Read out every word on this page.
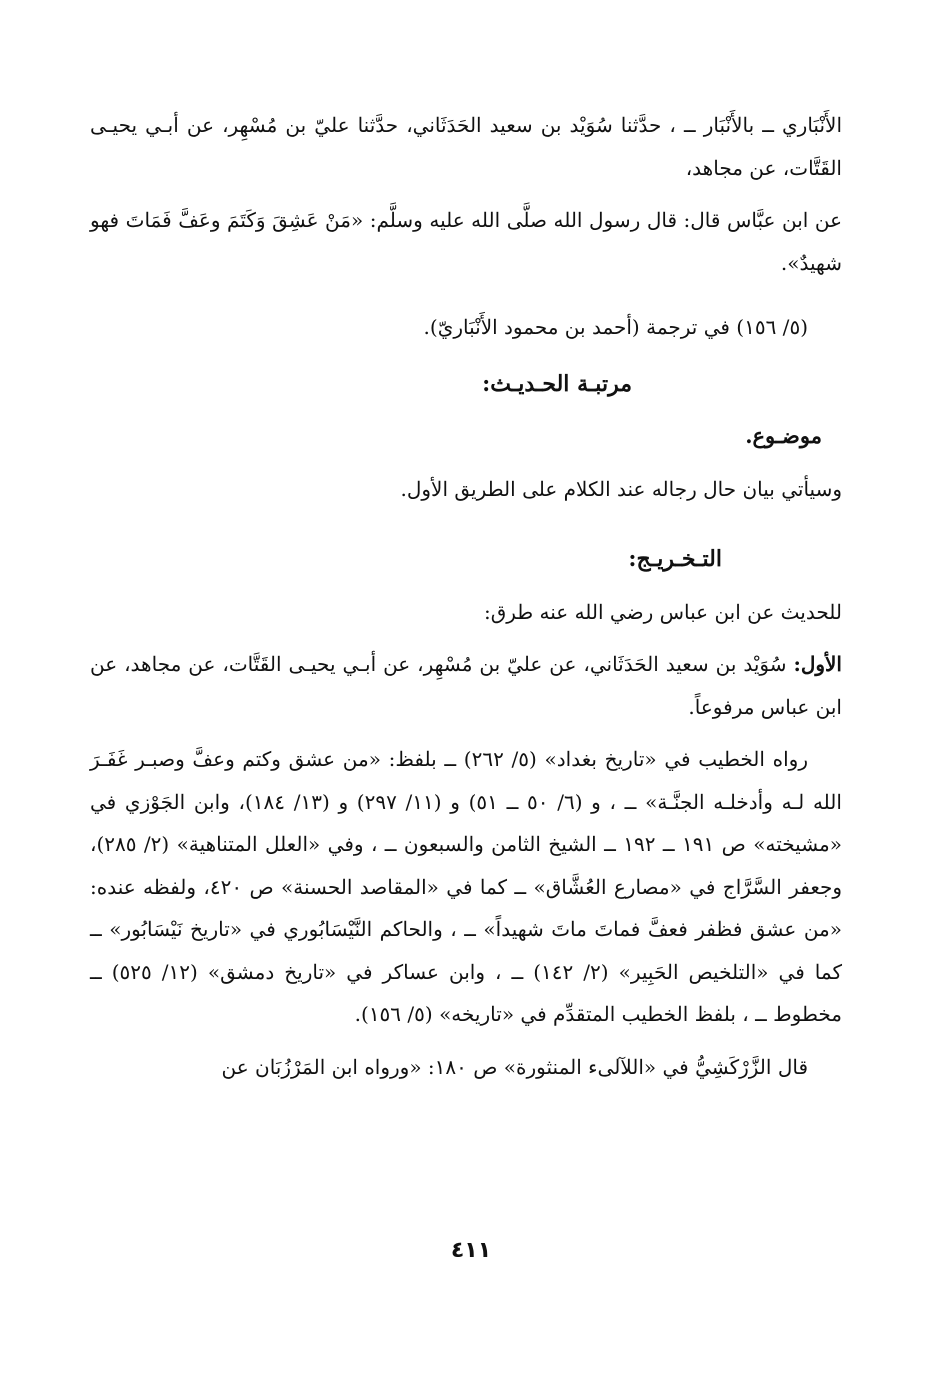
الأَنْبَاري ــ بالأَنْبَار ــ ، حدَّثنا سُوَيْد بن سعيد الحَدَثَاني، حدَّثنا عليّ بن مُسْهِر، عن أبـي يحيـى القَتَّات، عن مجاهد،

عن ابن عبَّاس قال: قال رسول الله صلَّى الله عليه وسلَّم: «مَنْ عَشِقَ وَكَتَمَ وعَفَّ فَمَاتَ فهو شهيدٌ».

(٥/ ١٥٦) في ترجمة (أحمد بن محمود الأَنْبَاريّ).

مرتبـة الحـديـث:

موضـوع.

وسيأتي بيان حال رجاله عند الكلام على الطريق الأول.

التـخـريـج:

للحديث عن ابن عباس رضي الله عنه طرق:

الأول: سُوَيْد بن سعيد الحَدَثَاني، عن عليّ بن مُسْهِر، عن أبـي يحيـى القَتَّات، عن مجاهد، عن ابن عباس مرفوعاً.

رواه الخطيب في «تاريخ بغداد» (٥/ ٢٦٢) ــ بلفظ: «من عشق وكتم وعفَّ وصبـر غَفَـرَ الله لـه وأدخلـه الجنَّـة» ــ ، و (٦/ ٥٠ ــ ٥١) و (١١/ ٢٩٧) و (١٣/ ١٨٤)، وابن الجَوْزي في «مشيخته» ص ١٩١ ــ ١٩٢ ــ الشيخ الثامن والسبعون ــ ، وفي «العلل المتناهية» (٢/ ٢٨٥)، وجعفر السَّرَّاج في «مصارع العُشَّاق» ــ كما في «المقاصد الحسنة» ص ٤٢٠، ولفظه عنده: «من عشق فظفر فعفَّ فماتَ ماتَ شهيداً» ــ ، والحاكم النَّيْسَابُوري في «تاريخ نَيْسَابُور» ــ كما في «التلخيص الحَبِير» (٢/ ١٤٢) ــ ، وابن عساكر في «تاريخ دمشق» (١٢/ ٥٢٥) ــ مخطوط ــ ، بلفظ الخطيب المتقدِّم في «تاريخه» (٥/ ١٥٦).

قال الزَّرْكَشِيُّ في «اللآلىء المنثورة» ص ١٨٠: «ورواه ابن المَرْزُبَان عن

٤١١
